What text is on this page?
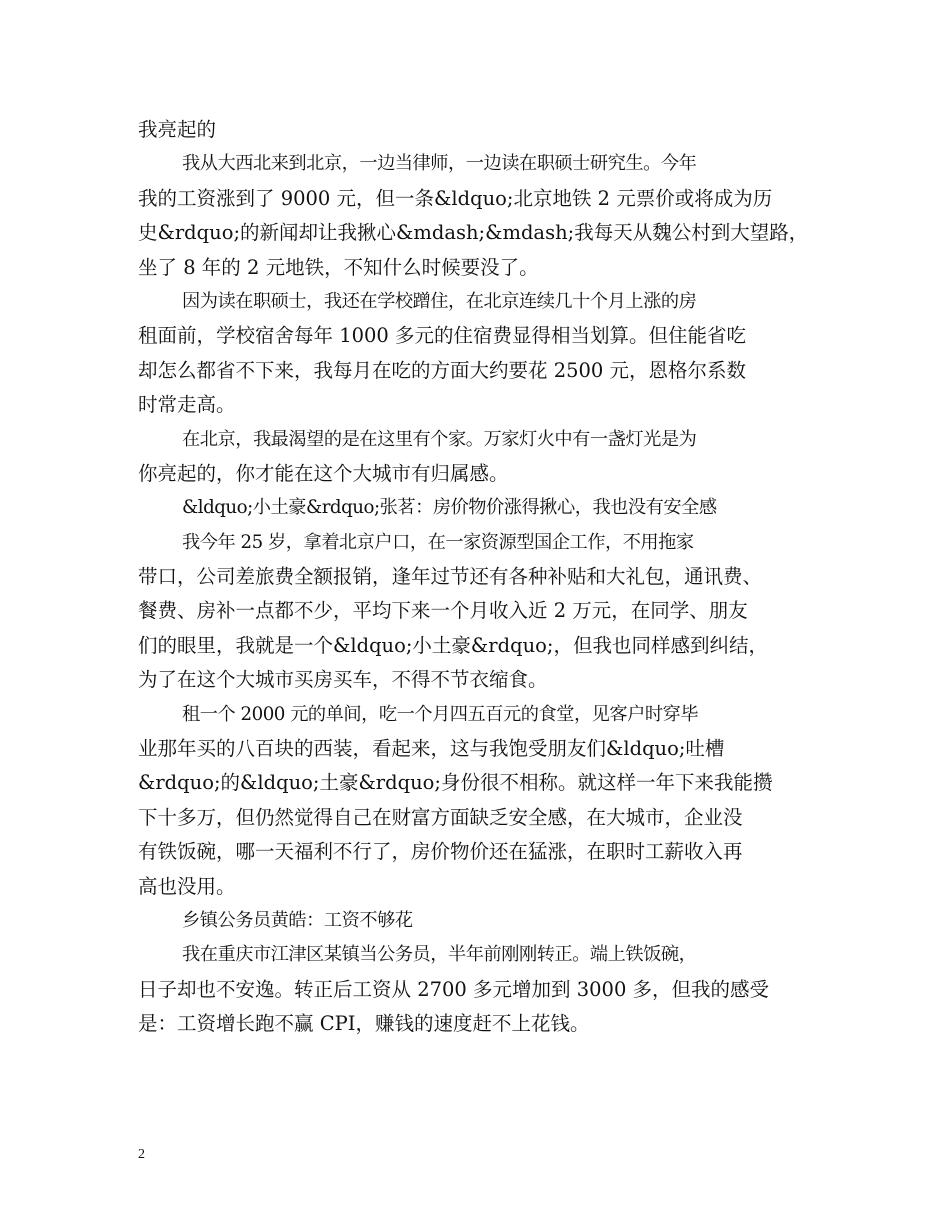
我亮起的
我从大西北来到北京，一边当律师，一边读在职硕士研究生。今年
我的工资涨到了 9000 元，但一条&ldquo;北京地铁 2 元票价或将成为历
史&rdquo;的新闻却让我揪心&mdash;&mdash;我每天从魏公村到大望路，
坐了 8 年的 2 元地铁，不知什么时候要没了。
因为读在职硕士，我还在学校蹭住，在北京连续几十个月上涨的房
租面前，学校宿舍每年 1000 多元的住宿费显得相当划算。但住能省吃
却怎么都省不下来，我每月在吃的方面大约要花 2500 元，恩格尔系数
时常走高。
在北京，我最渴望的是在这里有个家。万家灯火中有一盏灯光是为
你亮起的，你才能在这个大城市有归属感。
&ldquo;小土豪&rdquo;张茗：房价物价涨得揪心，我也没有安全感
我今年 25 岁，拿着北京户口，在一家资源型国企工作，不用拖家
带口，公司差旅费全额报销，逢年过节还有各种补贴和大礼包，通讯费、
餐费、房补一点都不少，平均下来一个月收入近 2 万元，在同学、朋友
们的眼里，我就是一个&ldquo;小土豪&rdquo;，但我也同样感到纠结，
为了在这个大城市买房买车，不得不节衣缩食。
租一个 2000 元的单间，吃一个月四五百元的食堂，见客户时穿毕
业那年买的八百块的西装，看起来，这与我饱受朋友们&ldquo;吐槽
&rdquo;的&ldquo;土豪&rdquo;身份很不相称。就这样一年下来我能攒
下十多万，但仍然觉得自己在财富方面缺乏安全感，在大城市，企业没
有铁饭碗，哪一天福利不行了，房价物价还在猛涨，在职时工薪收入再
高也没用。
乡镇公务员黄皓：工资不够花
我在重庆市江津区某镇当公务员，半年前刚刚转正。端上铁饭碗，
日子却也不安逸。转正后工资从 2700 多元增加到 3000 多，但我的感受
是：工资增长跑不赢 CPI，赚钱的速度赶不上花钱。
2
